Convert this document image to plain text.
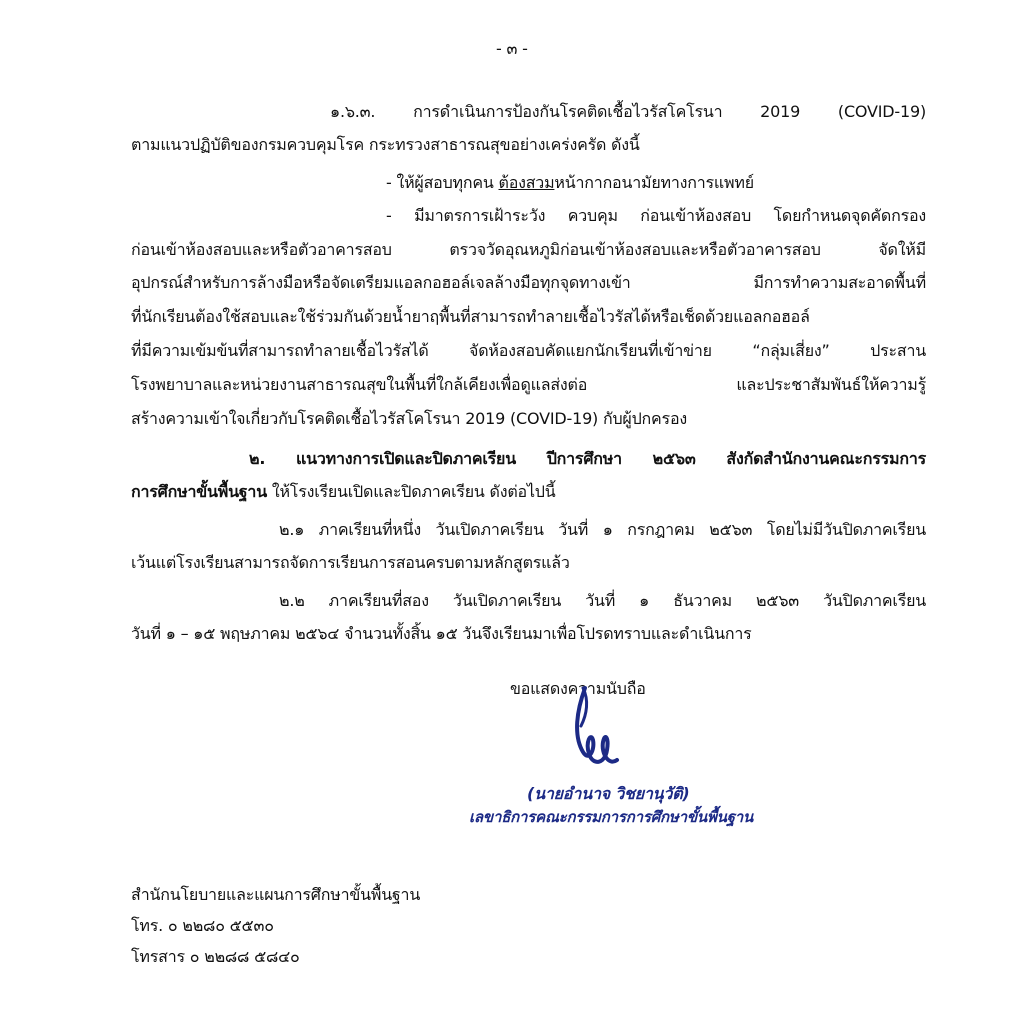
- ๓ -
๑.๖.๓. การดำเนินการป้องกันโรคติดเชื้อไวรัสโคโรนา 2019 (COVID-19)
ตามแนวปฏิบัติของกรมควบคุมโรค กระทรวงสาธารณสุขอย่างเคร่งครัด ดังนี้
- ให้ผู้สอบทุกคน ต้องสวมหน้ากากอนามัยทางการแพทย์
- มีมาตรการเฝ้าระวัง ควบคุม ก่อนเข้าห้องสอบ โดยกำหนดจุดคัดกรอง
ก่อนเข้าห้องสอบและหรือตัวอาคารสอบ ตรวจวัดอุณหภูมิก่อนเข้าห้องสอบและหรือตัวอาคารสอบ จัดให้มี
อุปกรณ์สำหรับการล้างมือหรือจัดเตรียมแอลกอฮอล์เจลล้างมือทุกจุดทางเข้า มีการทำความสะอาดพื้นที่
ที่นักเรียนต้องใช้สอบและใช้ร่วมกันด้วยน้ำยาฤพื้นที่สามารถทำลายเชื้อไวรัสได้หรือเช็ดด้วยแอลกอฮอล์
ที่มีความเข้มข้นที่สามารถทำลายเชื้อไวรัสได้ จัดห้องสอบคัดแยกนักเรียนที่เข้าข่าย “กลุ่มเสี่ยง” ประสาน
โรงพยาบาลและหน่วยงานสาธารณสุขในพื้นที่ใกล้เคียงเพื่อดูแลส่งต่อ และประชาสัมพันธ์ให้ความรู้
สร้างความเข้าใจเกี่ยวกับโรคติดเชื้อไวรัสโคโรนา 2019 (COVID-19) กับผู้ปกครอง
๒. แนวทางการเปิดและปิดภาคเรียน ปีการศึกษา ๒๕๖๓ สังกัดสำนักงานคณะกรรมการ
การศึกษาขั้นพื้นฐาน ให้โรงเรียนเปิดและปิดภาคเรียน ดังต่อไปนี้
๒.๑ ภาคเรียนที่หนึ่ง วันเปิดภาคเรียน วันที่ ๑ กรกฎาคม ๒๕๖๓ โดยไม่มีวันปิดภาคเรียน
เว้นแต่โรงเรียนสามารถจัดการเรียนการสอนครบตามหลักสูตรแล้ว
๒.๒ ภาคเรียนที่สอง วันเปิดภาคเรียน วันที่ ๑ ธันวาคม ๒๕๖๓ วันปิดภาคเรียน
วันที่ ๑ – ๑๕ พฤษภาคม ๒๕๖๔ จำนวนทั้งสิ้น ๑๕ วันจึงเรียนมาเพื่อโปรดทราบและดำเนินการ
ขอแสดงความนับถือ
(นายอำนาจ วิชยานุวัติ)
เลขาธิการคณะกรรมการการศึกษาขั้นพื้นฐาน
สำนักนโยบายและแผนการศึกษาขั้นพื้นฐาน
โทร. ๐ ๒๒๘๐ ๕๕๓๐
โทรสาร ๐ ๒๒๘๘ ๕๘๔๐
